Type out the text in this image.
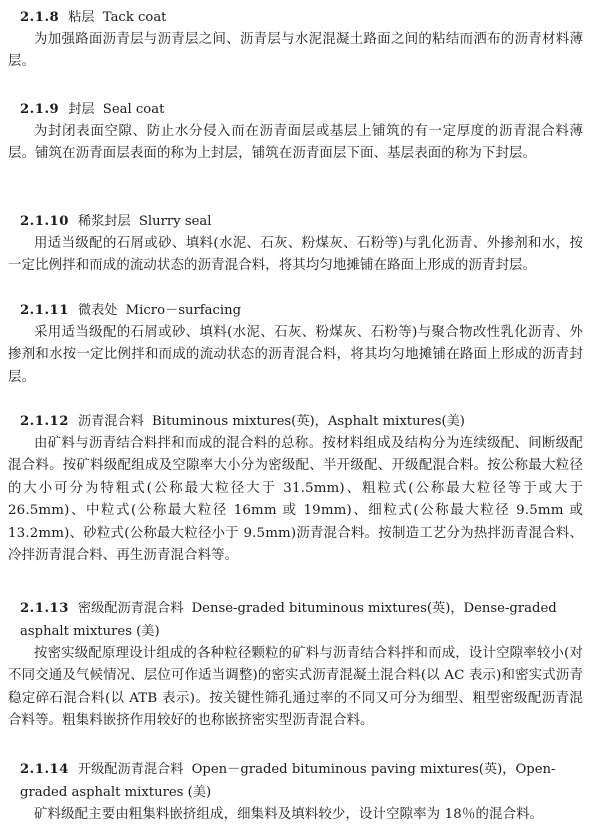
2.1.8 粘层 Tack coat

为加强路面沥青层与沥青层之间、沥青层与水泥混凝土路面之间的粘结而洒布的沥青材料薄层。

2.1.9 封层 Seal coat

为封闭表面空隙、防止水分侵入而在沥青面层或基层上铺筑的有一定厚度的沥青混合料薄层。铺筑在沥青面层表面的称为上封层，铺筑在沥青面层下面、基层表面的称为下封层。

2.1.10 稀浆封层 Slurry seal

用适当级配的石屑或砂、填料(水泥、石灰、粉煤灰、石粉等)与乳化沥青、外掺剂和水，按一定比例拌和而成的流动状态的沥青混合料，将其均匀地摊铺在路面上形成的沥青封层。

2.1.11 微表处 Micro－surfacing

采用适当级配的石屑或砂、填料(水泥、石灰、粉煤灰、石粉等)与聚合物改性乳化沥青、外掺剂和水按一定比例拌和而成的流动状态的沥青混合料，将其均匀地摊铺在路面上形成的沥青封层。

2.1.12 沥青混合料 Bituminous mixtures(英)，Asphalt mixtures(美)

由矿料与沥青结合料拌和而成的混合料的总称。按材料组成及结构分为连续级配、间断级配混合料。按矿料级配组成及空隙率大小分为密级配、半开级配、开级配混合料。按公称最大粒径的大小可分为特粗式(公称最大粒径大于 31.5mm)、粗粒式(公称最大粒径等于或大于 26.5mm)、中粒式(公称最大粒径 16mm 或 19mm)、细粒式(公称最大粒径 9.5mm 或 13.2mm)、砂粒式(公称最大粒径小于 9.5mm)沥青混合料。按制造工艺分为热拌沥青混合料、冷拌沥青混合料、再生沥青混合料等。

2.1.13 密级配沥青混合料 Dense-graded bituminous mixtures(英)，Dense-graded asphalt mixtures (美)

按密实级配原理设计组成的各种粒径颗粒的矿料与沥青结合料拌和而成，设计空隙率较小(对不同交通及气候情况、层位可作适当调整)的密实式沥青混凝土混合料(以 AC 表示)和密实式沥青稳定碎石混合料(以 ATB 表示)。按关键性筛孔通过率的不同又可分为细型、粗型密级配沥青混合料等。粗集料嵌挤作用较好的也称嵌挤密实型沥青混合料。

2.1.14 开级配沥青混合料 Open－graded bituminous paving mixtures(英)，Open-graded asphalt mixtures (美)

矿料级配主要由粗集料嵌挤组成，细集料及填料较少，设计空隙率为 18％的混合料。
